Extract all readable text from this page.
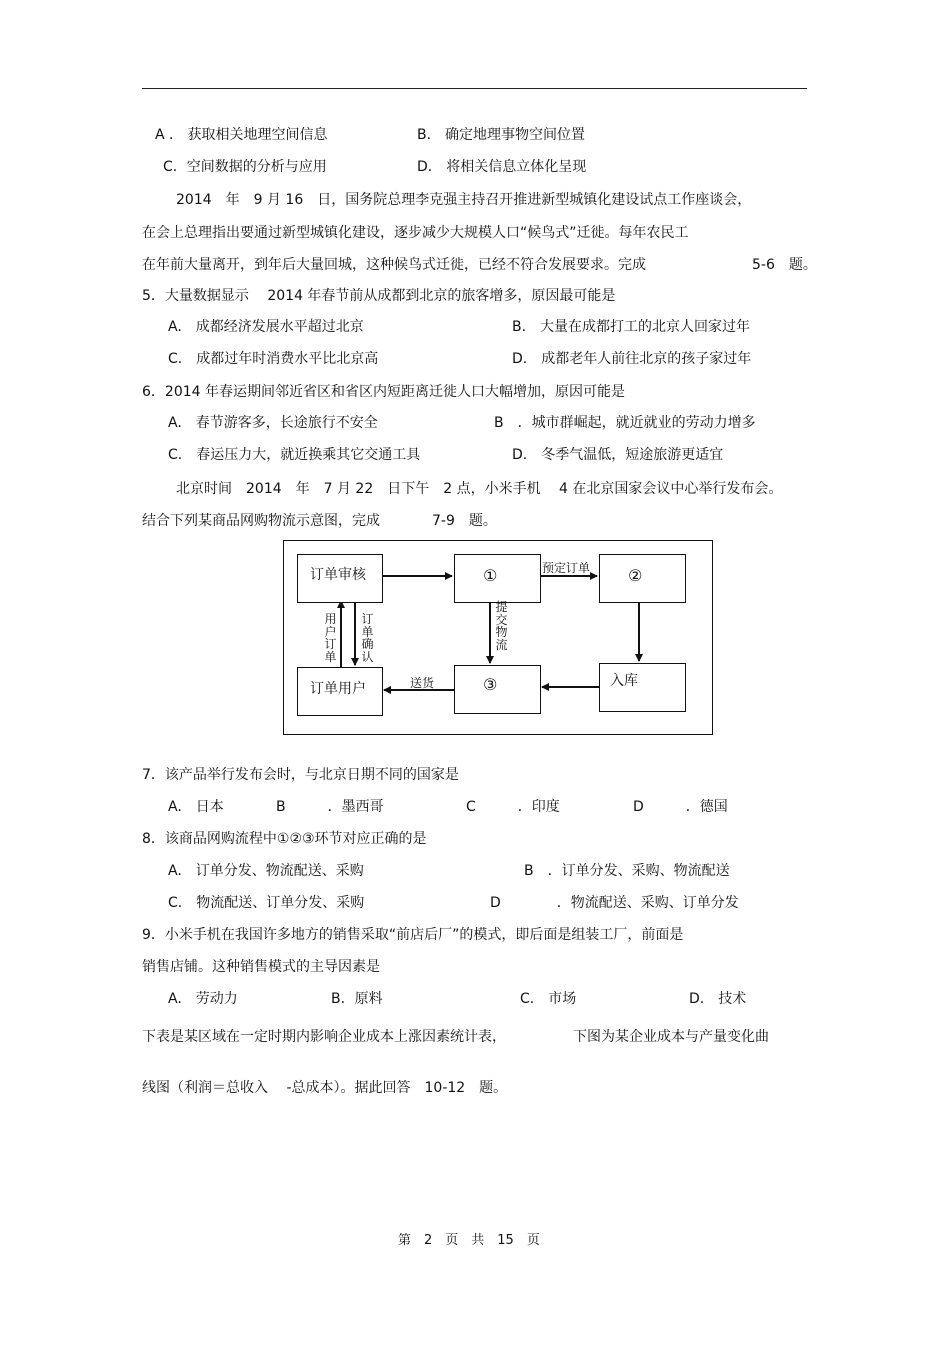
A ． 获取相关地理空间信息	B． 确定地理事物空间位置
C．空间数据的分析与应用	D． 将相关信息立体化呈现
2014　年　9 月 16　日，国务院总理李克强主持召开推进新型城镇化建设试点工作座谈会，
在会上总理指出要通过新型城镇化建设，逐步减少大规模人口“候鸟式”迁徙。每年农民工
在年前大量离开，到年后大量回城，这种候鸟式迁徙，已经不符合发展要求。完成	5-6　题。
5．大量数据显示　 2014 年春节前从成都到北京的旅客增多，原因最可能是
A.　成都经济发展水平超过北京	B.　大量在成都打工的北京人回家过年
C.　成都过年时消费水平比北京高	D.　成都老年人前往北京的孩子家过年
6．2014 年春运期间邻近省区和省区内短距离迁徙人口大幅增加，原因可能是
A.　春节游客多，长途旅行不安全	B　．城市群崛起，就近就业的劳动力增多
C.　春运压力大，就近换乘其它交通工具	D.　冬季气温低，短途旅游更适宜
北京时间　2014　年　7 月 22　日下午　2 点，小米手机　 4 在北京国家会议中心举行发布会。
结合下列某商品网购物流示意图，完成	7-9　题。
订单审核	①	②
订单用户	③	入库
预定订单
提交物流
用户订单
订单确认
送货
7．该产品举行发布会时，与北京日期不同的国家是
A.　日本	B　　　．墨西哥	C　　　．印度	D　　　．德国
8．该商品网购流程中①②③环节对应正确的是
A.　订单分发、物流配送、采购	B　．订单分发、采购、物流配送
C.　物流配送、订单分发、采购	D　　　　．物流配送、采购、订单分发
9．小米手机在我国许多地方的销售采取“前店后厂”的模式，即后面是组装工厂，前面是
销售店铺。这种销售模式的主导因素是
A.　劳动力	B．原料	C.　市场	D.　技术
下表是某区域在一定时期内影响企业成本上涨因素统计表，	下图为某企业成本与产量变化曲
线图（利润＝总收入　 -总成本）。据此回答　10-12　题。
第　2　页　共　15　页
